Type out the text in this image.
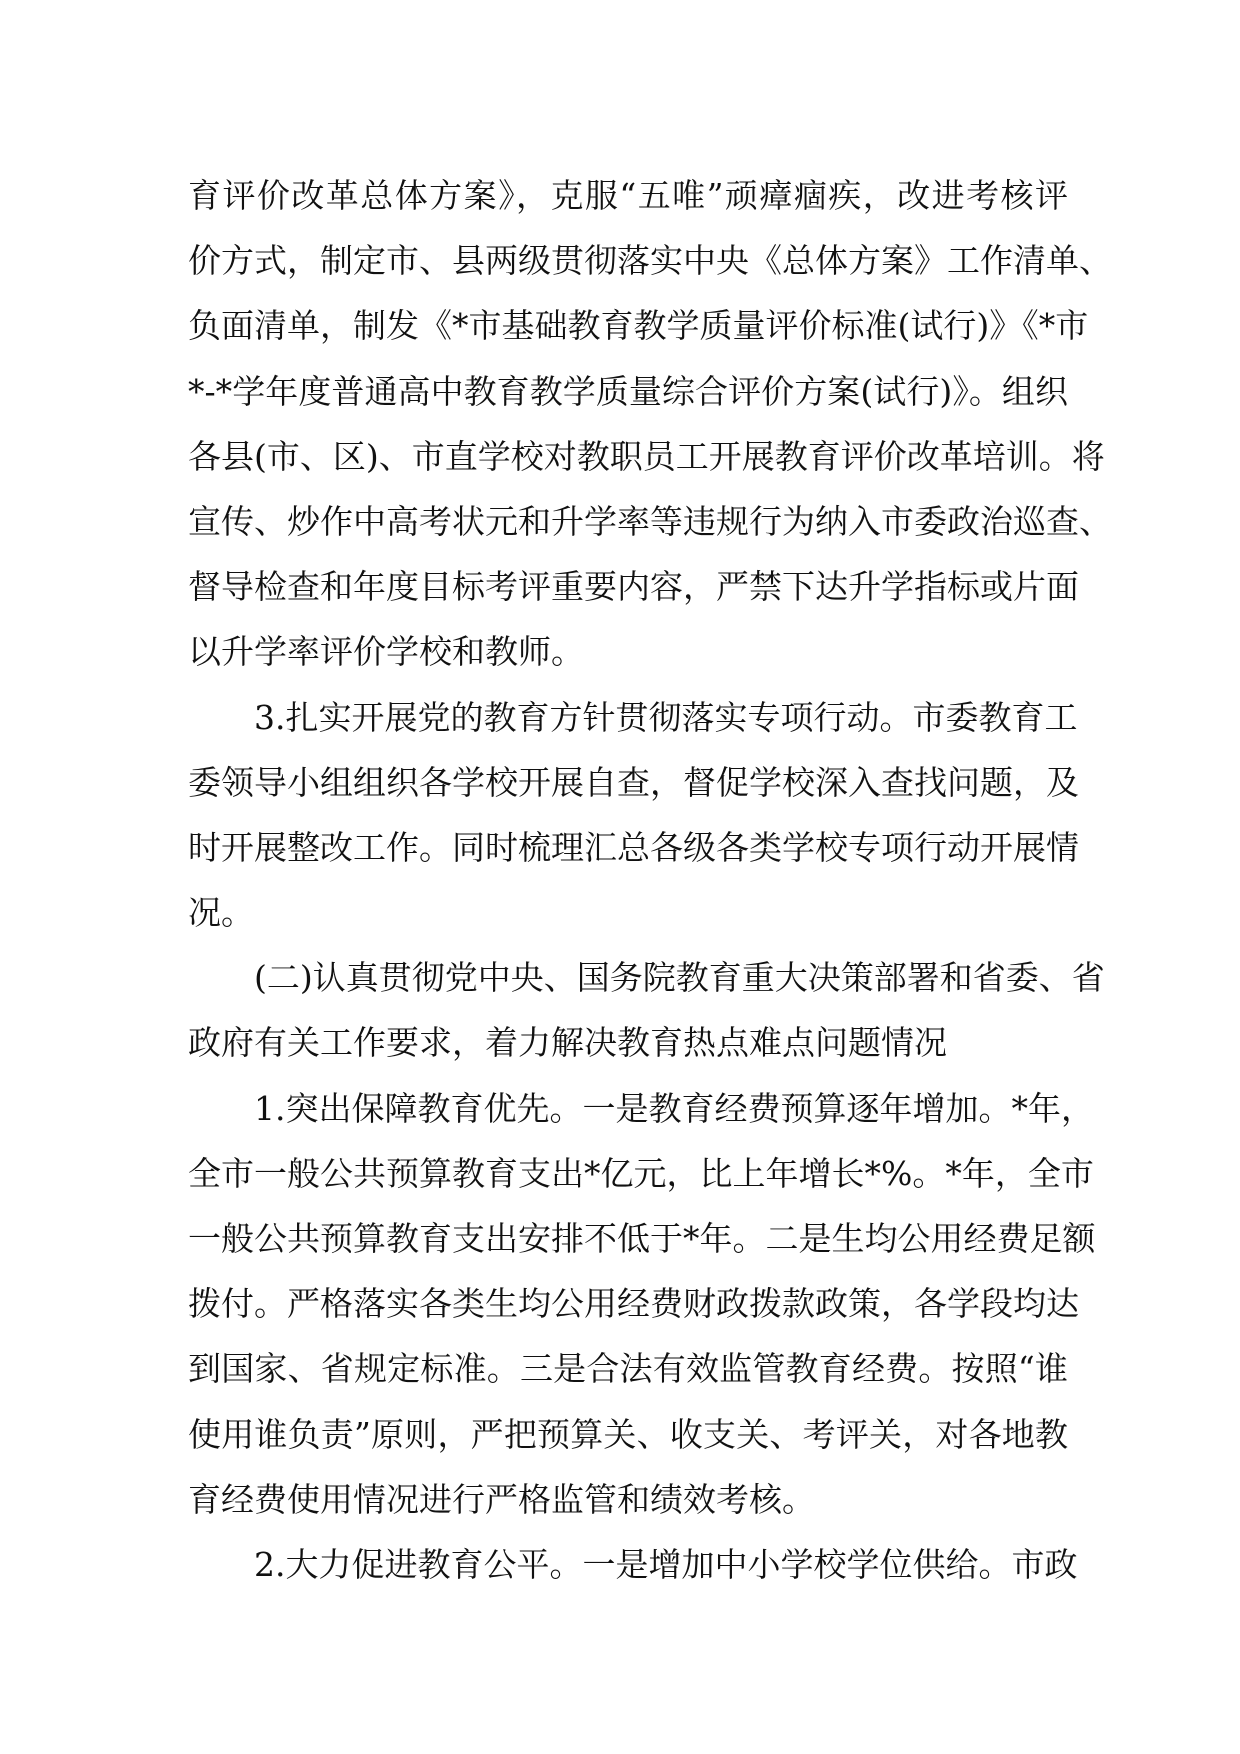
育评价改革总体方案》，克服“五唯”顽瘴痼疾，改进考核评
价方式，制定市、县两级贯彻落实中央《总体方案》工作清单、
负面清单，制发《*市基础教育教学质量评价标准(试行)》《*市
*-*学年度普通高中教育教学质量综合评价方案(试行)》。组织
各县(市、区)、市直学校对教职员工开展教育评价改革培训。将
宣传、炒作中高考状元和升学率等违规行为纳入市委政治巡查、
督导检查和年度目标考评重要内容，严禁下达升学指标或片面
以升学率评价学校和教师。
3.扎实开展党的教育方针贯彻落实专项行动。市委教育工
委领导小组组织各学校开展自查，督促学校深入查找问题，及
时开展整改工作。同时梳理汇总各级各类学校专项行动开展情
况。
(二)认真贯彻党中央、国务院教育重大决策部署和省委、省
政府有关工作要求，着力解决教育热点难点问题情况
1.突出保障教育优先。一是教育经费预算逐年增加。*年，
全市一般公共预算教育支出*亿元，比上年增长*%。*年，全市
一般公共预算教育支出安排不低于*年。二是生均公用经费足额
拨付。严格落实各类生均公用经费财政拨款政策，各学段均达
到国家、省规定标准。三是合法有效监管教育经费。按照“谁
使用谁负责”原则，严把预算关、收支关、考评关，对各地教
育经费使用情况进行严格监管和绩效考核。
2.大力促进教育公平。一是增加中小学校学位供给。市政
